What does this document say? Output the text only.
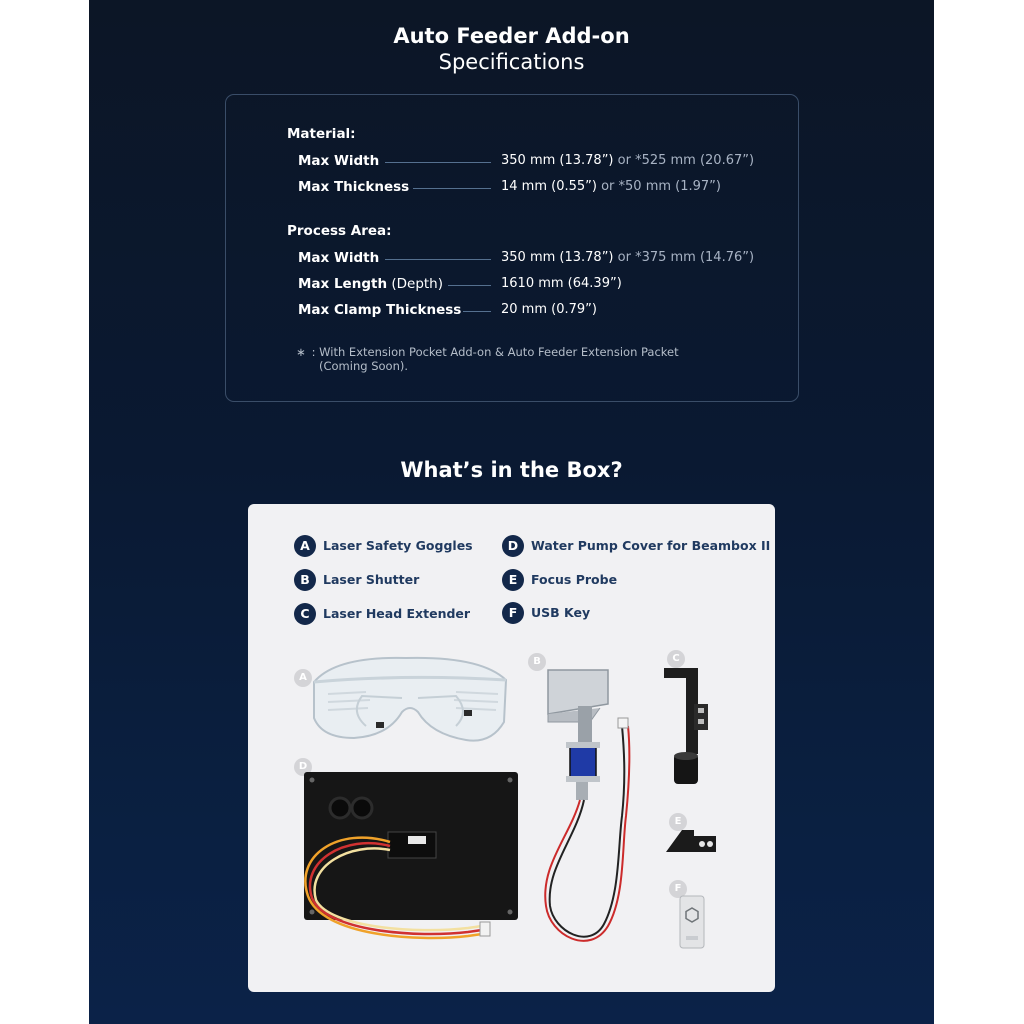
Auto Feeder Add-on
Specifications
Material:
Max Width	350 mm (13.78”) or *525 mm (20.67”)
Max Thickness	14 mm (0.55”) or *50 mm (1.97”)
Process Area:
Max Width	350 mm (13.78”) or *375 mm (14.76”)
Max Length (Depth)	1610 mm (64.39”)
Max Clamp Thickness	20 mm (0.79”)
∗ : With Extension Pocket Add-on & Auto Feeder Extension Packet
(Coming Soon).
What’s in the Box?
A	Laser Safety Goggles
B	Laser Shutter
C	Laser Head Extender
D	Water Pump Cover for Beambox II
E	Focus Probe
F	USB Key
A
B	C
D
E
F
